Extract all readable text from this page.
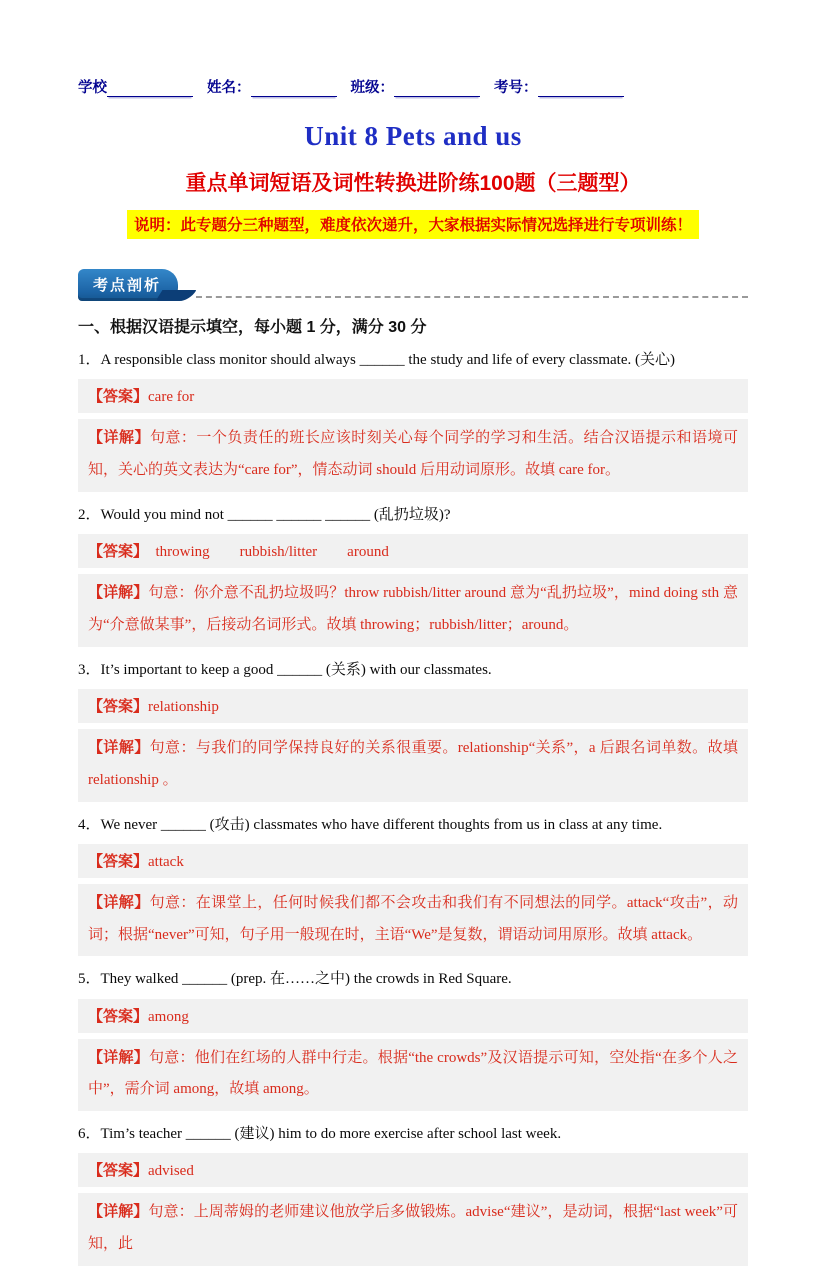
学校	姓名：	班级：	考号：
Unit 8 Pets and us
重点单词短语及词性转换进阶练100题（三题型）
说明：此专题分三种题型，难度依次递升，大家根据实际情况选择进行专项训练！
考点剖析
一、根据汉语提示填空，每小题 1 分，满分 30 分
1．A responsible class monitor should always ______ the study and life of every classmate. (关心)
【答案】care for
【详解】句意：一个负责任的班长应该时刻关心每个同学的学习和生活。结合汉语提示和语境可知，关心的英文表达为“care for”，情态动词 should 后用动词原形。故填 care for。
2．Would you mind not ______ ______ ______ (乱扔垃圾)?
【答案】　throwing　　rubbish/litter　　around
【详解】句意：你介意不乱扔垃圾吗？throw rubbish/litter around 意为“乱扔垃圾”，mind doing sth 意为“介意做某事”，后接动名词形式。故填 throwing；rubbish/litter；around。
3．It’s important to keep a good ______ (关系) with our classmates.
【答案】relationship
【详解】句意：与我们的同学保持良好的关系很重要。relationship“关系”，a 后跟名词单数。故填 relationship 。
4．We never ______ (攻击) classmates who have different thoughts from us in class at any time.
【答案】attack
【详解】句意：在课堂上，任何时候我们都不会攻击和我们有不同想法的同学。attack“攻击”，动词；根据“never”可知，句子用一般现在时，主语“We”是复数，谓语动词用原形。故填 attack。
5．They walked ______ (prep. 在……之中) the crowds in Red Square.
【答案】among
【详解】句意：他们在红场的人群中行走。根据“the crowds”及汉语提示可知，空处指“在多个人之中”，需介词 among，故填 among。
6．Tim’s teacher ______ (建议) him to do more exercise after school last week.
【答案】advised
【详解】句意：上周蒂姆的老师建议他放学后多做锻炼。advise“建议”，是动词，根据“last week”可知，此
